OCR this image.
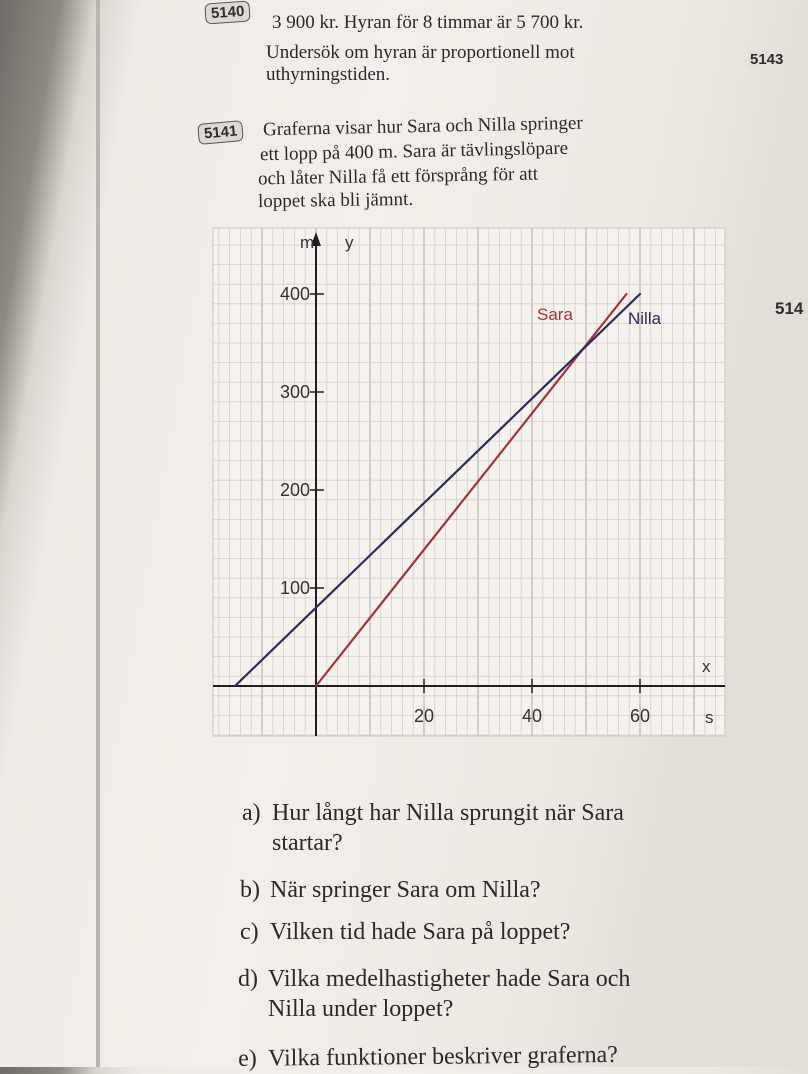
5140	3 900 kr. Hyran för 8 timmar är 5 700 kr.
Undersök om hyran är proportionell mot
uthyrningstiden.
5143
514
5141	Graferna visar hur Sara och Nilla springer
ett lopp på 400 m. Sara är tävlingslöpare
och låter Nilla få ett försprång för att
loppet ska bli jämnt.
20	40	60
100
200
300
400
m y
x
s
Sara	Nilla

a) Hur långt har Nilla sprungit när Sara

startar?

b) När springer Sara om Nilla?

c) Vilken tid hade Sara på loppet?

d) Vilka medelhastigheter hade Sara och

Nilla under loppet?

e) Vilka funktioner beskriver graferna?
